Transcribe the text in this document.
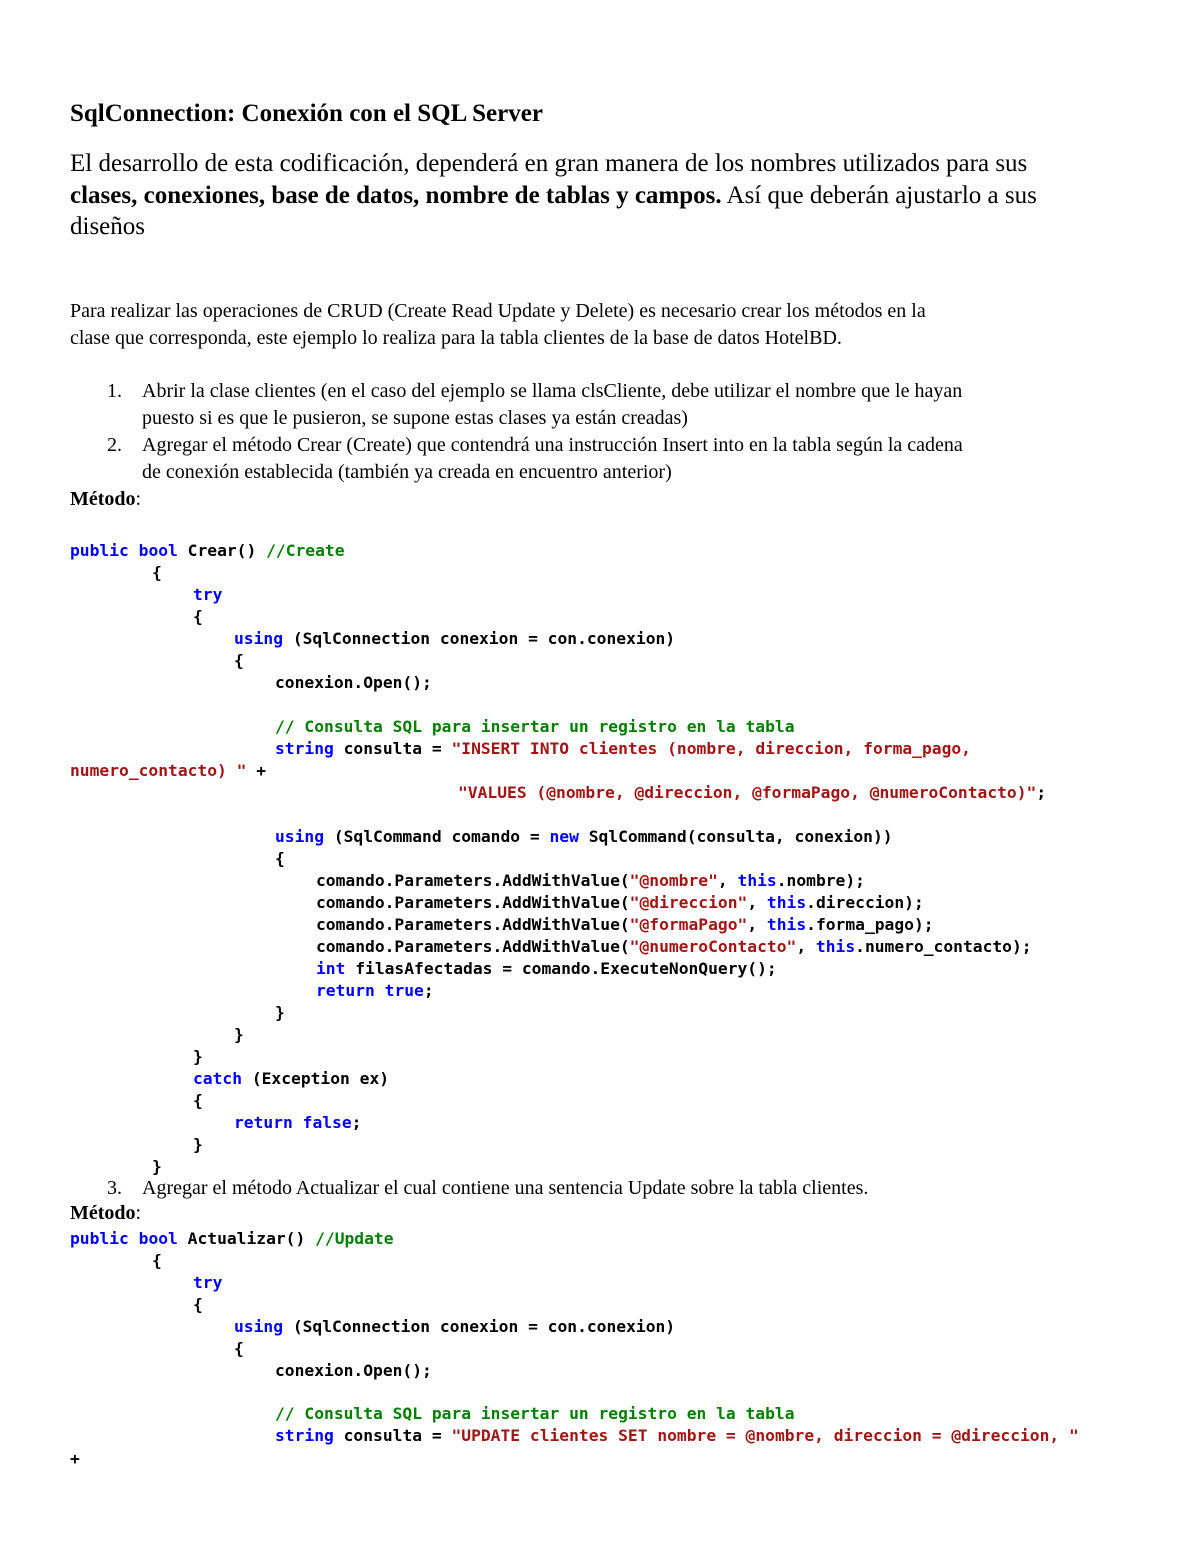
SqlConnection: Conexión con el SQL Server
El desarrollo de esta codificación, dependerá en gran manera de los nombres utilizados para sus
clases, conexiones, base de datos, nombre de tablas y campos. Así que deberán ajustarlo a sus
diseños
Para realizar las operaciones de CRUD (Create Read Update y Delete) es necesario crear los métodos en la
clase que corresponda, este ejemplo lo realiza para la tabla clientes de la base de datos HotelBD.
1. Abrir la clase clientes (en el caso del ejemplo se llama clsCliente, debe utilizar el nombre que le hayan
puesto si es que le pusieron, se supone estas clases ya están creadas)
2. Agregar el método Crear (Create) que contendrá una instrucción Insert into en la tabla según la cadena
de conexión establecida (también ya creada en encuentro anterior)
Método:
public bool Crear() //Create
{
try
{
using (SqlConnection conexion = con.conexion)
{
conexion.Open();
// Consulta SQL para insertar un registro en la tabla
string consulta = "INSERT INTO clientes (nombre, direccion, forma_pago,
numero_contacto) " +
"VALUES (@nombre, @direccion, @formaPago, @numeroContacto)";
using (SqlCommand comando = new SqlCommand(consulta, conexion))
{
comando.Parameters.AddWithValue("@nombre", this.nombre);
comando.Parameters.AddWithValue("@direccion", this.direccion);
comando.Parameters.AddWithValue("@formaPago", this.forma_pago);
comando.Parameters.AddWithValue("@numeroContacto", this.numero_contacto);
int filasAfectadas = comando.ExecuteNonQuery();
return true;
}
}
}
catch (Exception ex)
{
return false;
}
}
3. Agregar el método Actualizar el cual contiene una sentencia Update sobre la tabla clientes.
Método:
public bool Actualizar() //Update
{
try
{
using (SqlConnection conexion = con.conexion)
{
conexion.Open();
// Consulta SQL para insertar un registro en la tabla
string consulta = "UPDATE clientes SET nombre = @nombre, direccion = @direccion, "
+
